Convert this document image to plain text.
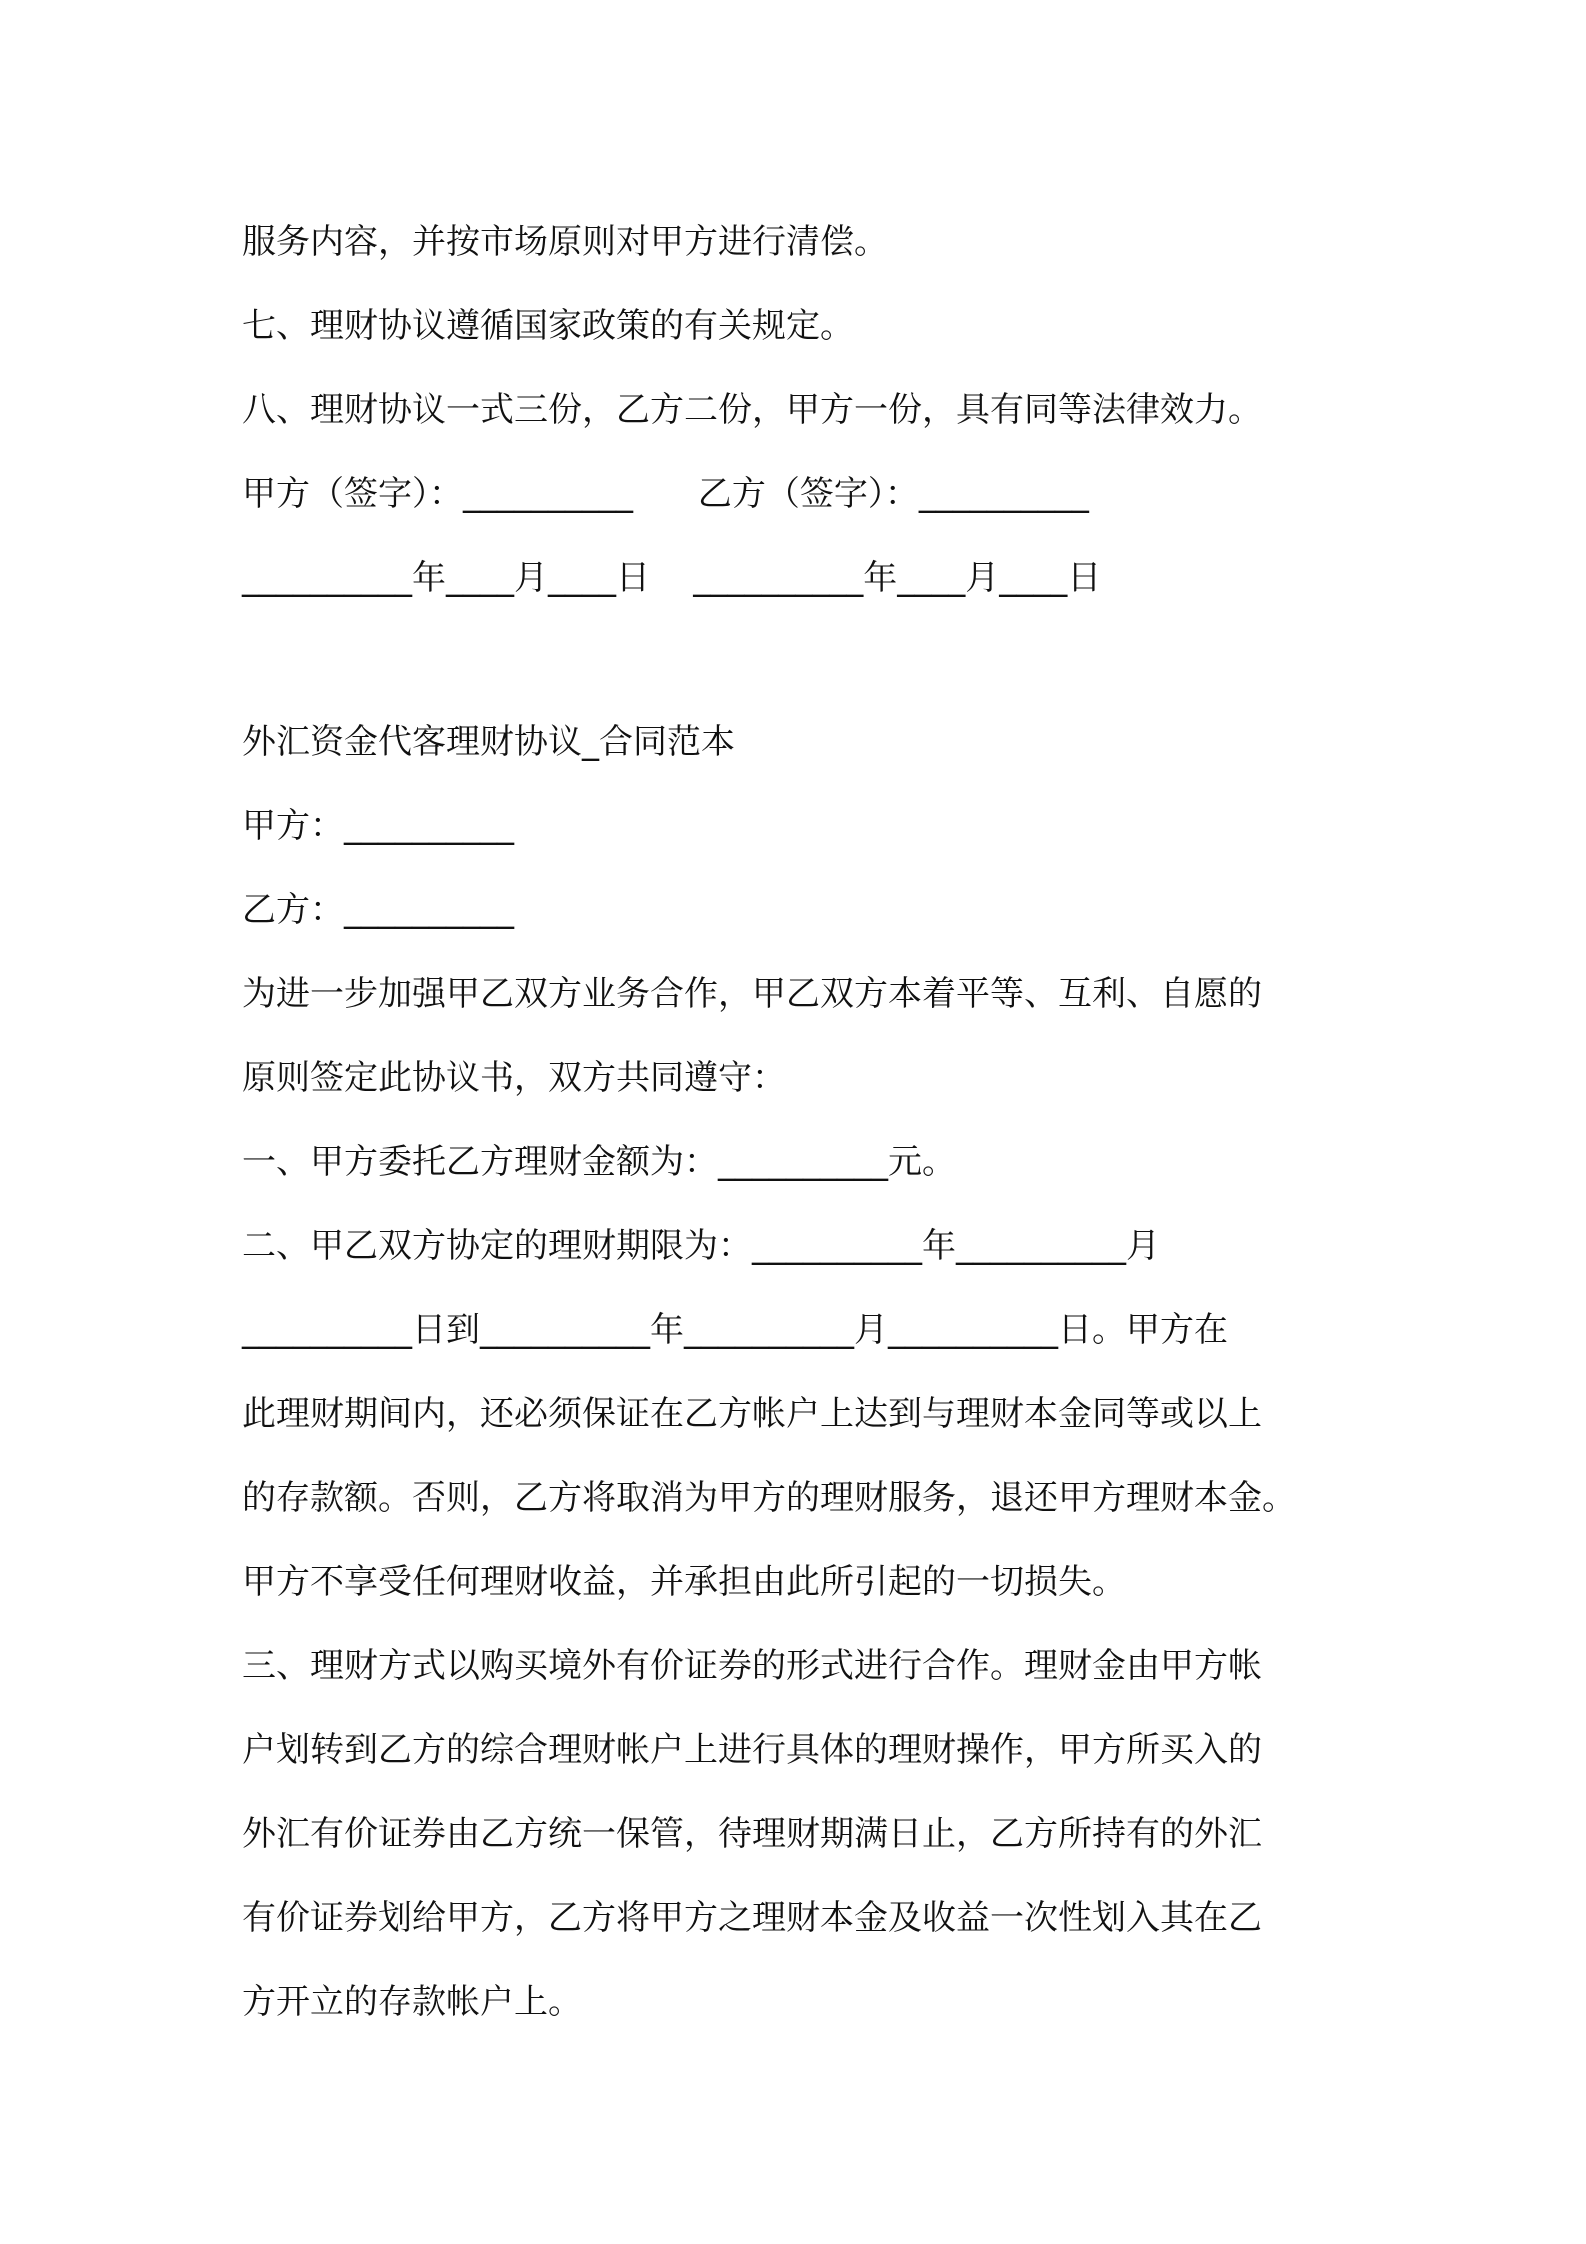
服务内容，并按市场原则对甲方进行清偿。
七、理财协议遵循国家政策的有关规定。
八、理财协议一式三份，乙方二份，甲方一份，具有同等法律效力。
甲方（签字）：__________      乙方（签字）：__________
__________年____月____日    __________年____月____日
外汇资金代客理财协议_合同范本
甲方：__________
乙方：__________
为进一步加强甲乙双方业务合作，甲乙双方本着平等、互利、自愿的
原则签定此协议书，双方共同遵守：
一、甲方委托乙方理财金额为：__________元。
二、甲乙双方协定的理财期限为：__________年__________月
__________日到__________年__________月__________日。甲方在
此理财期间内，还必须保证在乙方帐户上达到与理财本金同等或以上
的存款额。否则，乙方将取消为甲方的理财服务，退还甲方理财本金。
甲方不享受任何理财收益，并承担由此所引起的一切损失。
三、理财方式以购买境外有价证券的形式进行合作。理财金由甲方帐
户划转到乙方的综合理财帐户上进行具体的理财操作，甲方所买入的
外汇有价证券由乙方统一保管，待理财期满日止，乙方所持有的外汇
有价证券划给甲方，乙方将甲方之理财本金及收益一次性划入其在乙
方开立的存款帐户上。
